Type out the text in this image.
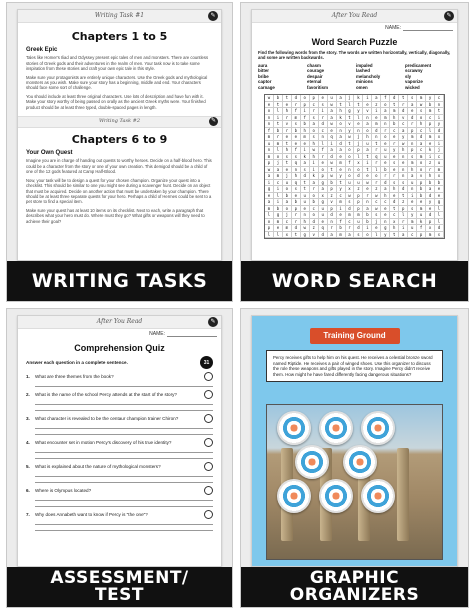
Writing Task #1	✎
Chapters 1 to 5
Greek Epic

Tales like Homer's Iliad and Odyssey present epic tales of men and monsters. There are countless stories of Greek gods and their adventures in the realm of men. Your task now is to take some inspiration from these stories and craft your own epic tale in this style.

Make sure your protagonists are entirely unique characters. Use the Greek gods and mythological monsters as you wish. Make sure your story has a beginning, middle and end. Your characters should face some sort of challenge.

You should include at least three original characters. Use lots of description and have fun with it. Make your story worthy of being passed on orally as the ancient Greek myths were. Your finished product should be at least three typed, double-spaced pages in length.

Writing Task #2	✎
Chapters 6 to 9
Your Own Quest

Imagine you are in charge of handing out quests to worthy heroes. Decide on a half-blood hero. This could be a character from the story or one of your own creation. This demigod should be a child of one of the 12 gods featured at Camp Half-Blood.

Now, your task will be to design a quest for your chosen champion. Organize your quest into a checklist. This should be similar to one you might see during a scavenger hunt. Decide on an object that must be acquired. Decide on another action that must be undertaken by your champion. There should be at least three separate quests for your hero. Perhaps a child of Hermes could be sent to a pet store to find a special item.

Make sure your quest has at least 10 items on its checklist. Next to each, write a paragraph that describes what your hero must do. Where must they go? What gifts or weapons will they need to achieve their goal?

WRITING TASKS
After You Read	✎
NAME:
Word Search Puzzle
Find the following words from the story. The words are written horizontally, vertically, diagonally, and some are written backwards.
aura	chasm	impaled	predicament
bitter	courage	lashed	scrawny
bribe	despair	melancholy	sly
captor	eternal	minions	vaporize
carnage	favoritism	omen	wicked
w	b	t	d	o	p	e	u	a	j	k	i	a	f	d	t	s	m	y	c
e	t	e	r	p	c	s	w	t	l	t	e	z	o	t	r	a	w	b	n
o	l	h	f	i	r	i	a	h	g	y	v	i	a	m	d	e	s	m	t
n	i	r	m	f	s	r	a	k	t	l	n	e	m	h	v	d	o	c	i
n	t	v	s	b	a	d	w	o	v	e	a	m	n	b	c	r	h	p	y
f	b	r	b	h	o	c	e	n	y	n	o	d	r	c	a	p	c	l	d
m	r	e	e	m	s	n	q	a	w	j	h	n	o	e	y	m	d	m	x
u	m	t	e	e	h	l	i	d	t	j	u	t	e	r	w	n	a	e	i
n	l	h	f	i	w	f	a	a	o	p	a	r	u	y	h	p	c	k	j
m	o	s	s	k	h	r	d	e	o	l	t	q	u	e	n	s	m	i	c
p	j	t	q	a	i	e	w	m	f	x	i	r	e	s	e	m	o	z	u
w	a	e	n	s	i	o	t	e	n	o	t	l	b	e	n	h	o	r	m
a	m	j	h	d	k	p	w	y	o	d	e	o	r	r	n	a	v	h	x
i	c	u	q	t	a	g	b	t	u	u	w	r	d	s	s	u	p	b	b
g	i	o	s	t	r	a	p	y	x	z	e	z	a	h	d	n	b	a	e
e	l	b	e	u	o	x	z	c	w	p	r	w	h	e	t	i	b	d	e
a	i	a	b	u	b	g	v	m	s	p	n	c	c	d	z	e	e	y	g
m	b	o	p	e	c	u	p	i	d	p	a	w	e	t	p	s	m	e	l
l	g	j	r	n	o	u	d	e	m	m	b	s	e	c	l	y	u	d	l
o	m	c	r	h	d	e	n	f	c	u	b	j	n	x	r	m	k	p	l
p	e	m	d	w	z	q	r	b	r	d	i	e	g	h	i	u	f	x	d
l	l	x	t	g	v	d	a	m	a	s	o	l	y	t	a	c	p	m	s
WORD SEARCH
After You Read	✎
NAME:
Comprehension Quiz
Answer each question in a complete sentence.	31
1.	What are three themes from the book?
2.	What is the name of the school Percy attends at the start of the story?
3.	What character is revealed to be the centaur champion trainer Chiron?
4.	What encounter set in motion Percy's discovery of his true identity?
5.	What is explained about the nature of mythological monsters?
6.	Where is Olympus located?
7.	Why does Annabeth want to know if Percy is "the one"?
ASSESSMENT/
TEST
Training Ground
Percy receives gifts to help him on his quest. He receives a celestial bronze sword named Riptide. He receives a pair of winged shoes. Use this organizer to discuss the role these weapons and gifts played in the story. Imagine Percy didn't receive them. How might he have fared differently facing dangerous situations?
GRAPHIC
ORGANIZERS
